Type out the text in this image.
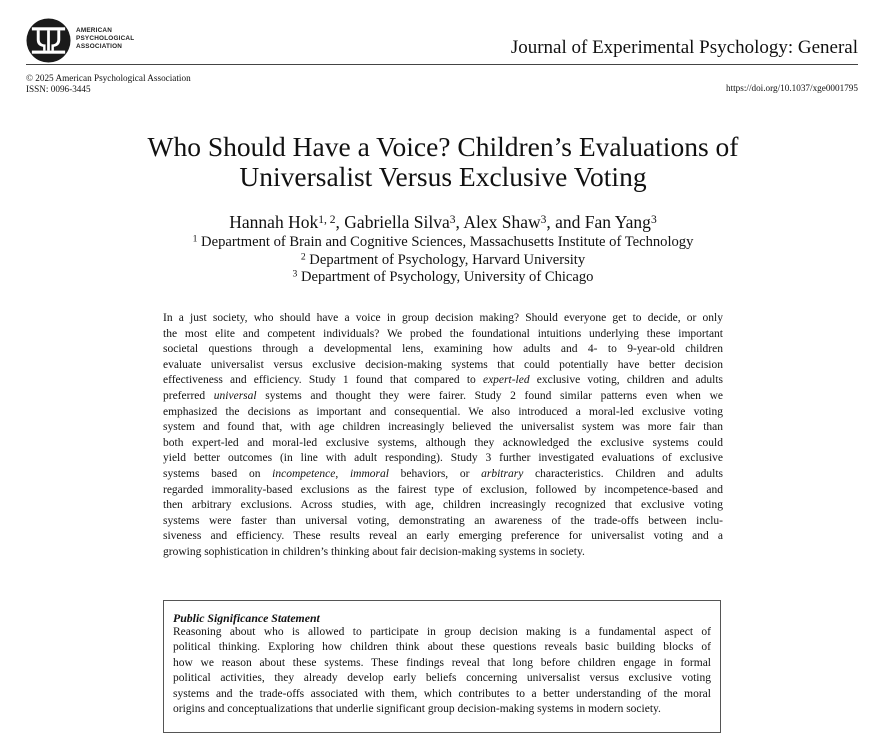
AMERICAN
PSYCHOLOGICAL
ASSOCIATION	Journal of Experimental Psychology: General
© 2025 American Psychological Association
ISSN: 0096-3445	https://doi.org/10.1037/xge0001795
Who Should Have a Voice? Children’s Evaluations of
Universalist Versus Exclusive Voting
Hannah Hok$^{1, 2}$, Gabriella Silva$^3$, Alex Shaw$^3$, and Fan Yang$^3$
$^1$ Department of Brain and Cognitive Sciences, Massachusetts Institute of Technology
$^2$ Department of Psychology, Harvard University
$^3$ Department of Psychology, University of Chicago
In a just society, who should have a voice in group decision making? Should everyone get to decide, or only
the most elite and competent individuals? We probed the foundational intuitions underlying these important
societal questions through a developmental lens, examining how adults and 4- to 9-year-old children
evaluate universalist versus exclusive decision-making systems that could potentially have better decision
effectiveness and efficiency. Study 1 found that compared to expert-led exclusive voting, children and adults
preferred universal systems and thought they were fairer. Study 2 found similar patterns even when we
emphasized the decisions as important and consequential. We also introduced a moral-led exclusive voting
system and found that, with age children increasingly believed the universalist system was more fair than
both expert-led and moral-led exclusive systems, although they acknowledged the exclusive systems could
yield better outcomes (in line with adult responding). Study 3 further investigated evaluations of exclusive
systems based on incompetence, immoral behaviors, or arbitrary characteristics. Children and adults
regarded immorality-based exclusions as the fairest type of exclusion, followed by incompetence-based and
then arbitrary exclusions. Across studies, with age, children increasingly recognized that exclusive voting
systems were faster than universal voting, demonstrating an awareness of the trade-offs between inclu-
siveness and efficiency. These results reveal an early emerging preference for universalist voting and a
growing sophistication in children’s thinking about fair decision-making systems in society.
Public Significance Statement
Reasoning about who is allowed to participate in group decision making is a fundamental aspect of
political thinking. Exploring how children think about these questions reveals basic building blocks of
how we reason about these systems. These findings reveal that long before children engage in formal
political activities, they already develop early beliefs concerning universalist versus exclusive voting
systems and the trade-offs associated with them, which contributes to a better understanding of the moral
origins and conceptualizations that underlie significant group decision-making systems in modern society.
